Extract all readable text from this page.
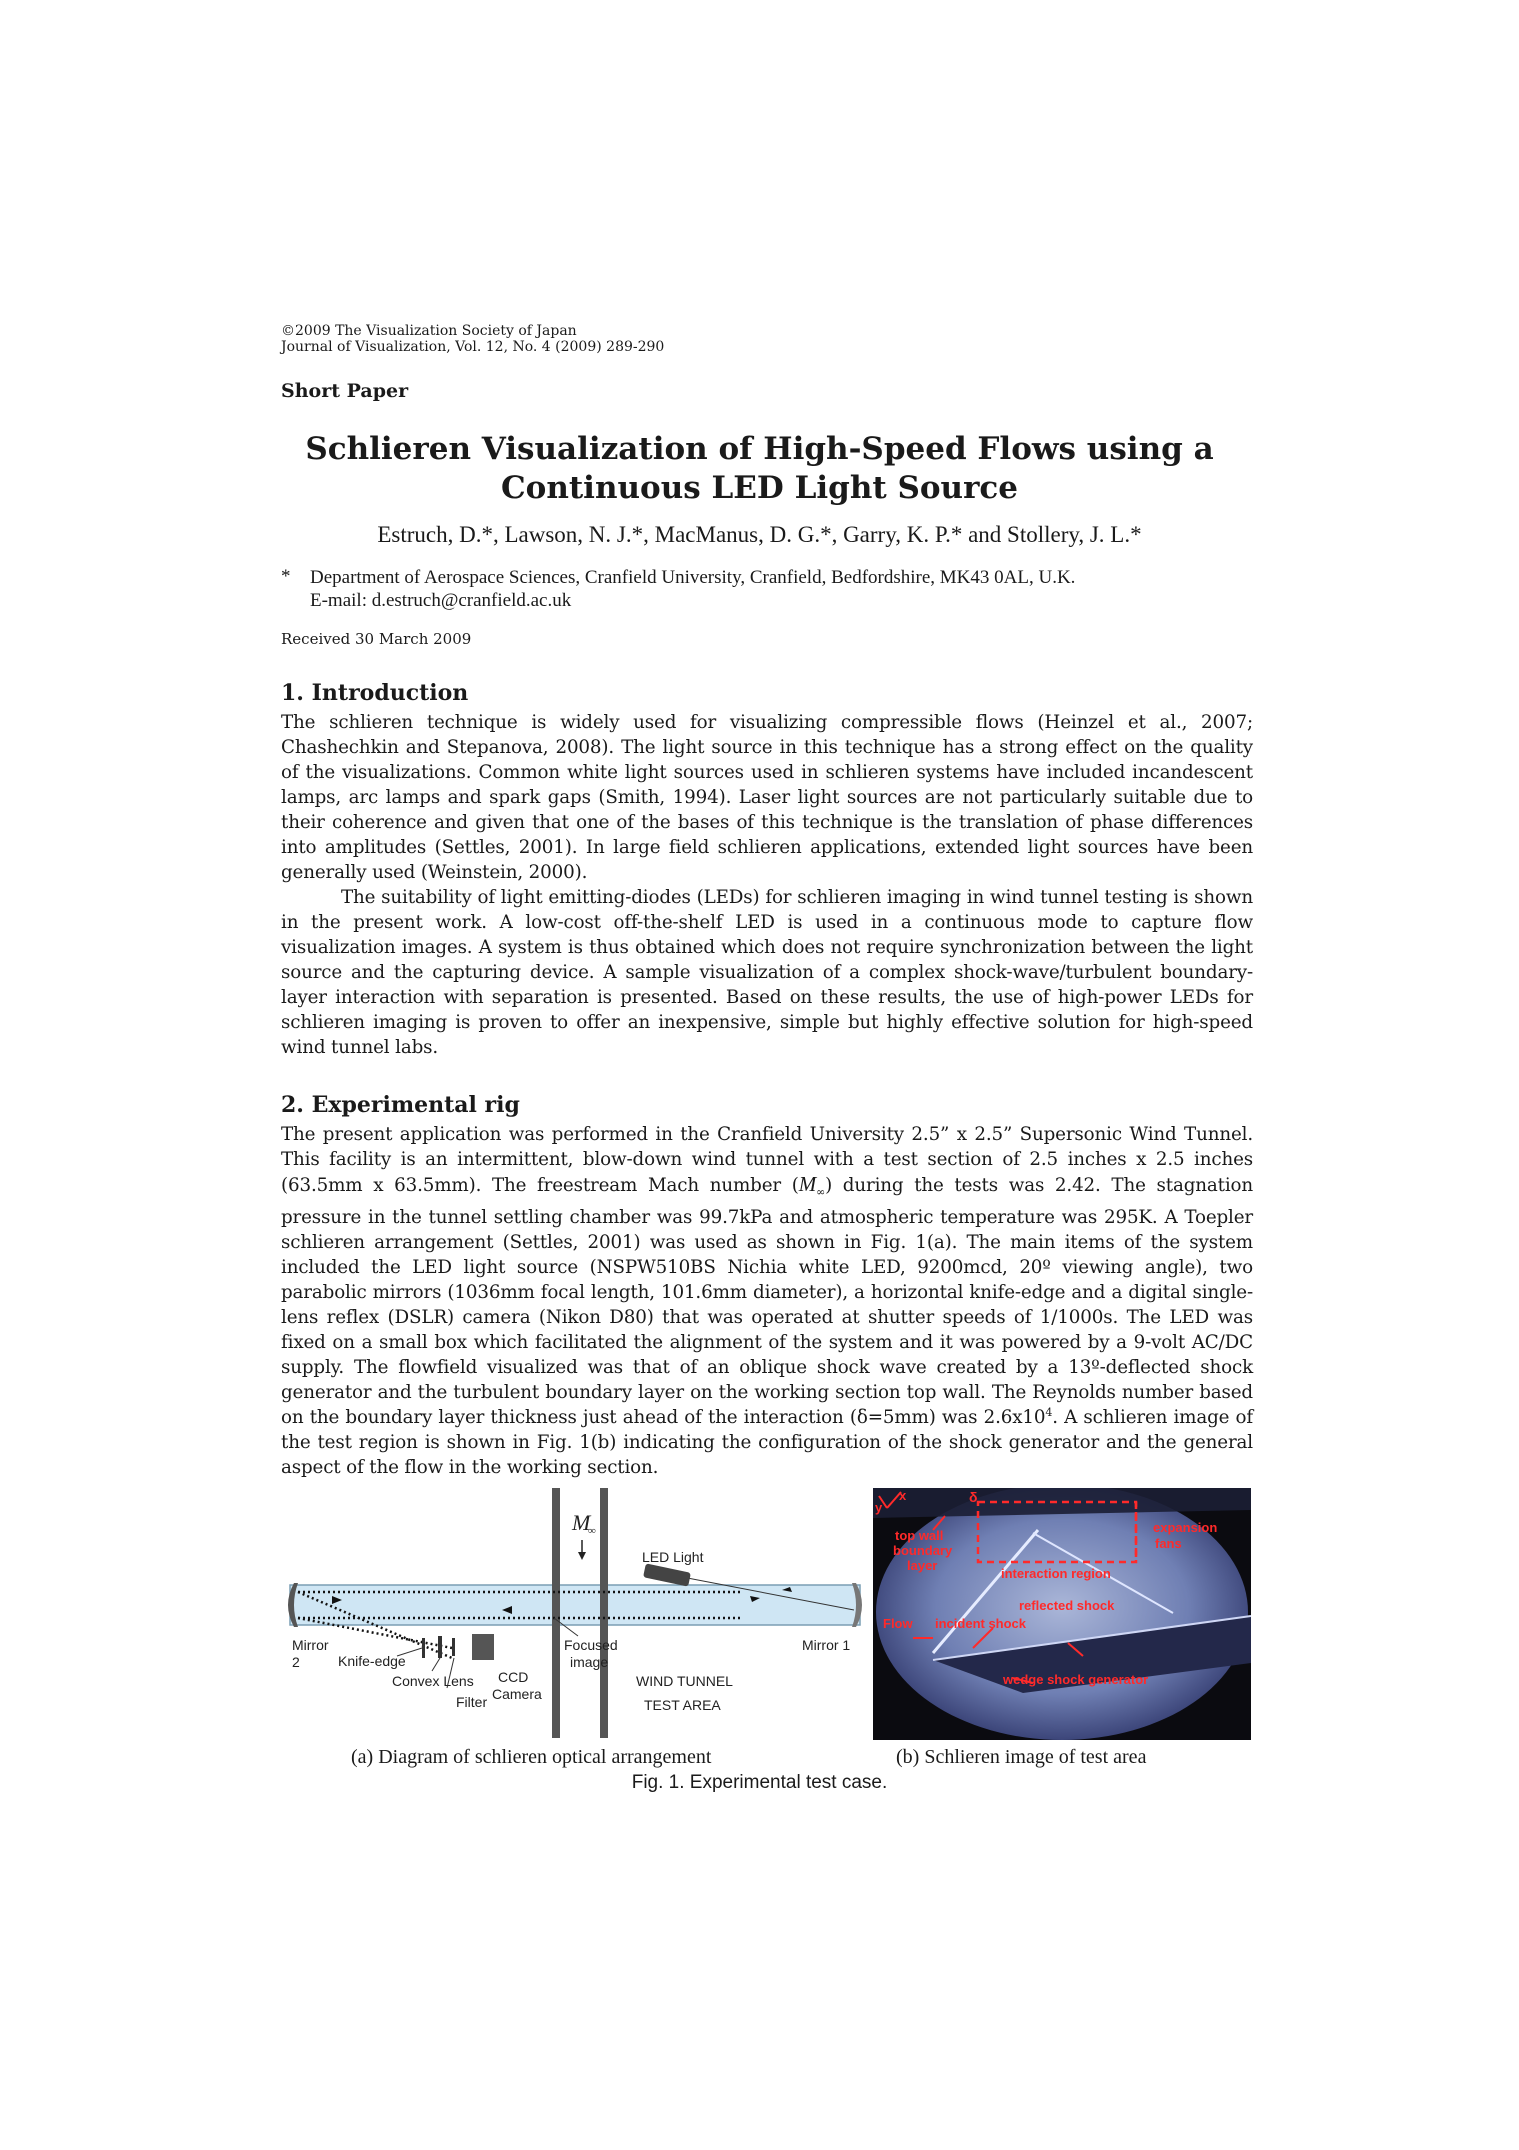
©2009 The Visualization Society of Japan
Journal of Visualization, Vol. 12, No. 4 (2009) 289-290
Short Paper
Schlieren Visualization of High-Speed Flows using a
Continuous LED Light Source
Estruch, D.*, Lawson, N. J.*, MacManus, D. G.*, Garry, K. P.* and Stollery, J. L.*
* Department of Aerospace Sciences, Cranfield University, Cranfield, Bedfordshire, MK43 0AL, U.K.
E-mail: d.estruch@cranfield.ac.uk
Received 30 March 2009
1. Introduction

The schlieren technique is widely used for visualizing compressible flows (Heinzel et al., 2007; Chashechkin and Stepanova, 2008). The light source in this technique has a strong effect on the quality of the visualizations. Common white light sources used in schlieren systems have included incandescent lamps, arc lamps and spark gaps (Smith, 1994). Laser light sources are not particularly suitable due to their coherence and given that one of the bases of this technique is the translation of phase differences into amplitudes (Settles, 2001). In large field schlieren applications, extended light sources have been generally used (Weinstein, 2000).

The suitability of light emitting-diodes (LEDs) for schlieren imaging in wind tunnel testing is shown in the present work. A low-cost off-the-shelf LED is used in a continuous mode to capture flow visualization images. A system is thus obtained which does not require synchronization between the light source and the capturing device. A sample visualization of a complex shock-wave/turbulent boundary-layer interaction with separation is presented. Based on these results, the use of high-power LEDs for schlieren imaging is proven to offer an inexpensive, simple but highly effective solution for high-speed wind tunnel labs.

2. Experimental rig

The present application was performed in the Cranfield University 2.5” x 2.5” Supersonic Wind Tunnel. This facility is an intermittent, blow-down wind tunnel with a test section of 2.5 inches x 2.5 inches (63.5mm x 63.5mm). The freestream Mach number $(M_\infty)$ during the tests was 2.42. The stagnation pressure in the tunnel settling chamber was 99.7kPa and atmospheric temperature was 295K. A Toepler schlieren arrangement (Settles, 2001) was used as shown in Fig. 1(a). The main items of the system included the LED light source (NSPW510BS Nichia white LED, 9200mcd, 20º viewing angle), two parabolic mirrors (1036mm focal length, 101.6mm diameter), a horizontal knife-edge and a digital single-lens reflex (DSLR) camera (Nikon D80) that was operated at shutter speeds of 1/1000s. The LED was fixed on a small box which facilitated the alignment of the system and it was powered by a 9-volt AC/DC supply. The flowfield visualized was that of an oblique shock wave created by a 13º-deflected shock generator and the turbulent boundary layer on the working section top wall. The Reynolds number based on the boundary layer thickness just ahead of the interaction (δ=5mm) was $2.6x10^4$. A schlieren image of the test region is shown in Fig. 1(b) indicating the configuration of the shock generator and the general aspect of the flow in the working section.

M
∞
LED Light
Mirror
2
Mirror 1
Knife-edge
Convex Lens
Filter
CCD
Camera
Focused
image
WIND TUNNEL
TEST AREA
y
x	δ
top wall
boundary
layer
interaction region
expansion
fans
reflected shock
Flow incident shock
wedge shock generator
(a) Diagram of schlieren optical arrangement	(b) Schlieren image of test area
Fig. 1. Experimental test case.
